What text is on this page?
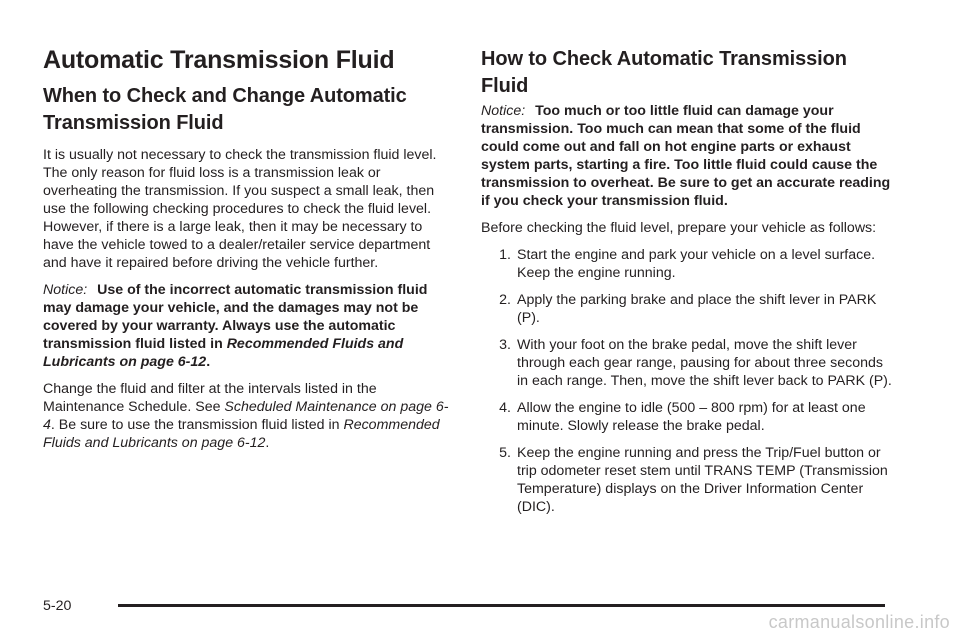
Automatic Transmission Fluid
When to Check and Change Automatic Transmission Fluid

It is usually not necessary to check the transmission fluid level. The only reason for fluid loss is a transmission leak or overheating the transmission. If you suspect a small leak, then use the following checking procedures to check the fluid level. However, if there is a large leak, then it may be necessary to have the vehicle towed to a dealer/retailer service department and have it repaired before driving the vehicle further.

Notice: Use of the incorrect automatic transmission fluid may damage your vehicle, and the damages may not be covered by your warranty. Always use the automatic transmission fluid listed in Recommended Fluids and Lubricants on page 6-12.

Change the fluid and filter at the intervals listed in the Maintenance Schedule. See Scheduled Maintenance on page 6-4. Be sure to use the transmission fluid listed in Recommended Fluids and Lubricants on page 6-12.

How to Check Automatic Transmission Fluid

Notice: Too much or too little fluid can damage your transmission. Too much can mean that some of the fluid could come out and fall on hot engine parts or exhaust system parts, starting a fire. Too little fluid could cause the transmission to overheat. Be sure to get an accurate reading if you check your transmission fluid.

Before checking the fluid level, prepare your vehicle as follows:

1. Start the engine and park your vehicle on a level surface. Keep the engine running.
2. Apply the parking brake and place the shift lever in PARK (P).
3. With your foot on the brake pedal, move the shift lever through each gear range, pausing for about three seconds in each range. Then, move the shift lever back to PARK (P).
4. Allow the engine to idle (500 – 800 rpm) for at least one minute. Slowly release the brake pedal.
5. Keep the engine running and press the Trip/Fuel button or trip odometer reset stem until TRANS TEMP (Transmission Temperature) displays on the Driver Information Center (DIC).
5-20
carmanualsonline.info
